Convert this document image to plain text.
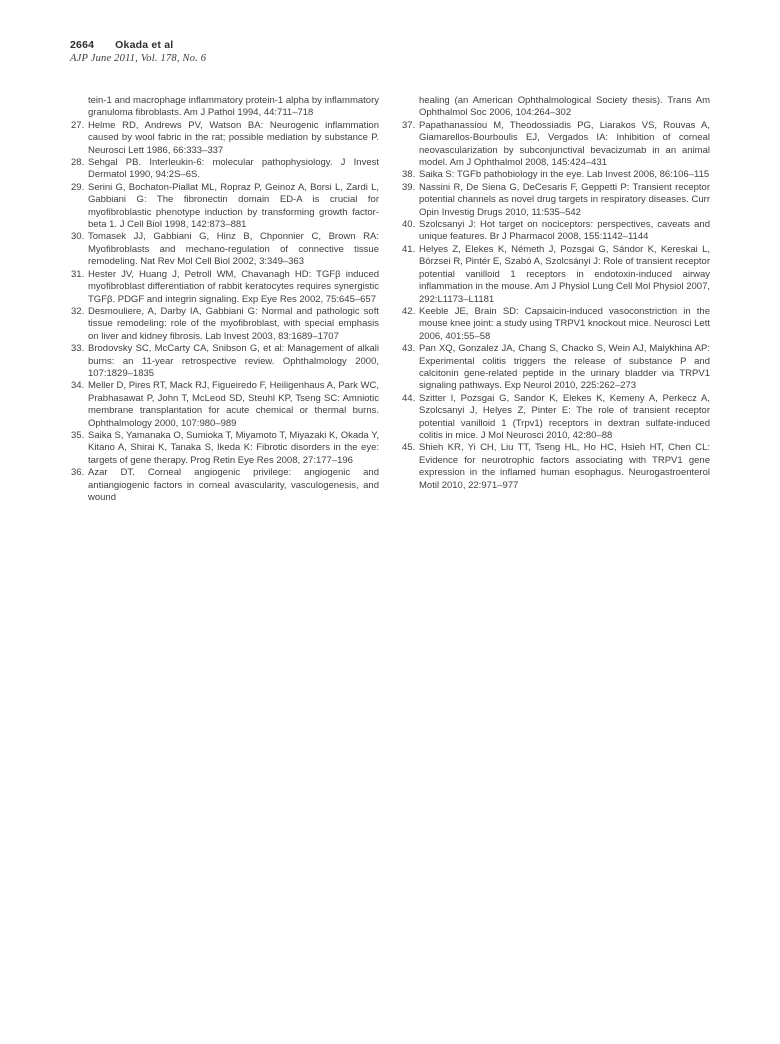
2664 Okada et al
AJP June 2011, Vol. 178, No. 6

tein-1 and macrophage inflammatory protein-1 alpha by inflammatory granuloma fibroblasts. Am J Pathol 1994, 44:711–718

27. Helme RD, Andrews PV, Watson BA: Neurogenic inflammation caused by wool fabric in the rat; possible mediation by substance P. Neurosci Lett 1986, 66:333–337

28. Sehgal PB. Interleukin-6: molecular pathophysiology. J Invest Dermatol 1990, 94:2S–6S.

29. Serini G, Bochaton-Piallat ML, Ropraz P, Geinoz A, Borsi L, Zardi L, Gabbiani G: The fibronectin domain ED-A is crucial for myofibroblastic phenotype induction by transforming growth factor-beta 1. J Cell Biol 1998, 142:873–881

30. Tomasek JJ, Gabbiani G, Hinz B, Chponnier C, Brown RA: Myofibroblasts and mechano-regulation of connective tissue remodeling. Nat Rev Mol Cell Biol 2002, 3:349–363

31. Hester JV, Huang J, Petroll WM, Chavanagh HD: TGFβ induced myofibroblast differentiation of rabbit keratocytes requires synergistic TGFβ. PDGF and integrin signaling. Exp Eye Res 2002, 75:645–657

32. Desmouliere, A, Darby IA, Gabbiani G: Normal and pathologic soft tissue remodeling: role of the myofibroblast, with special emphasis on liver and kidney fibrosis. Lab Invest 2003, 83:1689–1707

33. Brodovsky SC, McCarty CA, Snibson G, et al: Management of alkali burns: an 11-year retrospective review. Ophthalmology 2000, 107:1829–1835

34. Meller D, Pires RT, Mack RJ, Figueiredo F, Heiligenhaus A, Park WC, Prabhasawat P, John T, McLeod SD, Steuhl KP, Tseng SC: Amniotic membrane transplantation for acute chemical or thermal burns. Ophthalmology 2000, 107:980–989

35. Saika S, Yamanaka O, Sumioka T, Miyamoto T, Miyazaki K, Okada Y, Kitano A, Shirai K, Tanaka S, Ikeda K: Fibrotic disorders in the eye: targets of gene therapy. Prog Retin Eye Res 2008, 27:177–196

36. Azar DT. Corneal angiogenic privilege: angiogenic and antiangiogenic factors in corneal avascularity, vasculogenesis, and wound

healing (an American Ophthalmological Society thesis). Trans Am Ophthalmol Soc 2006, 104:264–302

37. Papathanassiou M, Theodossiadis PG, Liarakos VS, Rouvas A, Giamarellos-Bourboulis EJ, Vergados IA: Inhibition of corneal neovascularization by subconjunctival bevacizumab in an animal model. Am J Ophthalmol 2008, 145:424–431

38. Saika S: TGFb pathobiology in the eye. Lab Invest 2006, 86:106–115

39. Nassini R, De Siena G, DeCesaris F, Geppetti P: Transient receptor potential channels as novel drug targets in respiratory diseases. Curr Opin Investig Drugs 2010, 11:535–542

40. Szolcsanyi J: Hot target on nociceptors: perspectives, caveats and unique features. Br J Pharmacol 2008, 155:1142–1144

41. Helyes Z, Elekes K, Németh J, Pozsgai G, Sándor K, Kereskai L, Börzsei R, Pintér E, Szabó A, Szolcsányi J: Role of transient receptor potential vanilloid 1 receptors in endotoxin-induced airway inflammation in the mouse. Am J Physiol Lung Cell Mol Physiol 2007, 292:L1173–L1181

42. Keeble JE, Brain SD: Capsaicin-induced vasoconstriction in the mouse knee joint: a study using TRPV1 knockout mice. Neurosci Lett 2006, 401:55–58

43. Pan XQ, Gonzalez JA, Chang S, Chacko S, Wein AJ, Malykhina AP: Experimental colitis triggers the release of substance P and calcitonin gene-related peptide in the urinary bladder via TRPV1 signaling pathways. Exp Neurol 2010, 225:262–273

44. Szitter I, Pozsgai G, Sandor K, Elekes K, Kemeny A, Perkecz A, Szolcsanyi J, Helyes Z, Pinter E: The role of transient receptor potential vanilloid 1 (Trpv1) receptors in dextran sulfate-induced colitis in mice. J Mol Neurosci 2010, 42:80–88

45. Shieh KR, Yi CH, Liu TT, Tseng HL, Ho HC, Hsieh HT, Chen CL: Evidence for neurotrophic factors associating with TRPV1 gene expression in the inflamed human esophagus. Neurogastroenterol Motil 2010, 22:971–977
